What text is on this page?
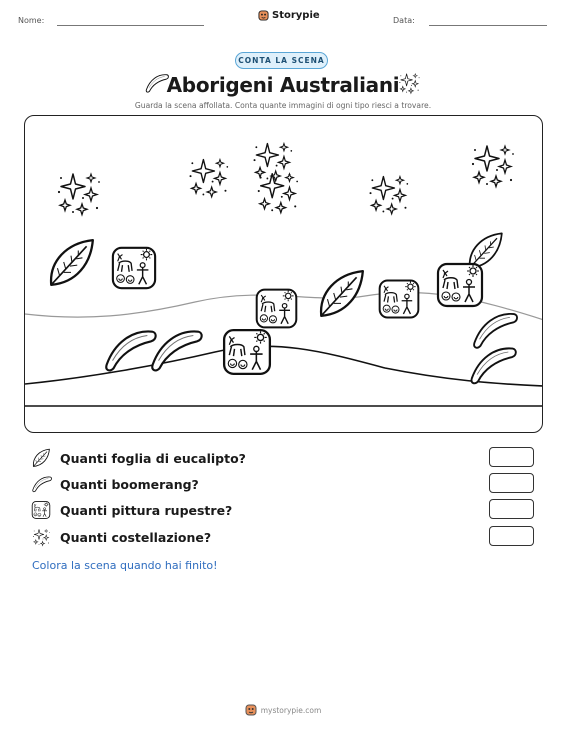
Nome:	Storypie	Data:
CONTA LA SCENA
Aborigeni Australiani
Guarda la scena affollata. Conta quante immagini di ogni tipo riesci a trovare.
Quanti foglia di eucalipto?
Quanti boomerang?
Quanti pittura rupestre?
Quanti costellazione?
Colora la scena quando hai finito!
mystorypie.com
